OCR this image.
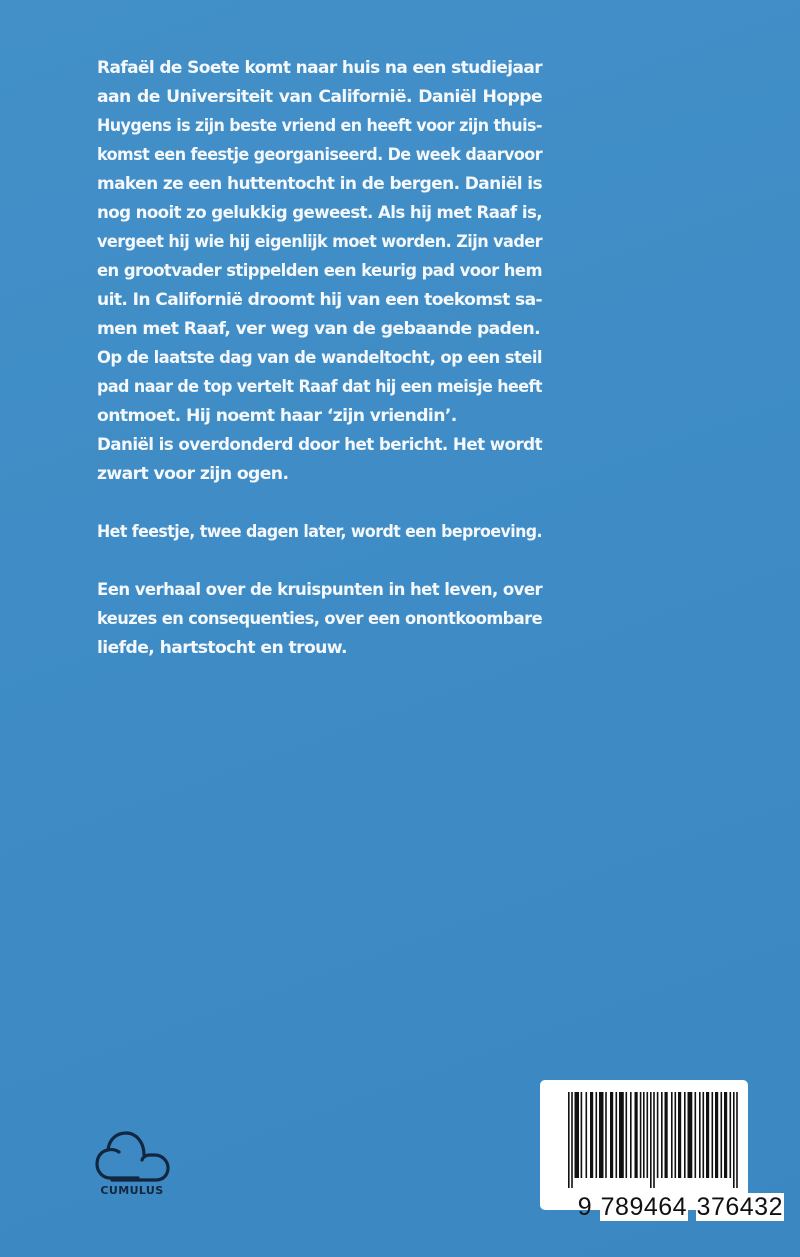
Rafaël de Soete komt naar huis na een studiejaar
aan de Universiteit van Californië. Daniël Hoppe
Huygens is zijn beste vriend en heeft voor zijn thuis-
komst een feestje georganiseerd. De week daarvoor
maken ze een huttentocht in de bergen. Daniël is
nog nooit zo gelukkig geweest. Als hij met Raaf is,
vergeet hij wie hij eigenlijk moet worden. Zijn vader
en grootvader stippelden een keurig pad voor hem
uit. In Californië droomt hij van een toekomst sa-
men met Raaf, ver weg van de gebaande paden.
Op de laatste dag van de wandeltocht, op een steil
pad naar de top vertelt Raaf dat hij een meisje heeft
ontmoet. Hij noemt haar ‘zijn vriendin’.
Daniël is overdonderd door het bericht. Het wordt
zwart voor zijn ogen.
Het feestje, twee dagen later, wordt een beproeving.
Een verhaal over de kruispunten in het leven, over
keuzes en consequenties, over een onontkoombare
liefde, hartstocht en trouw.
CUMULUS

9 789464 376432
